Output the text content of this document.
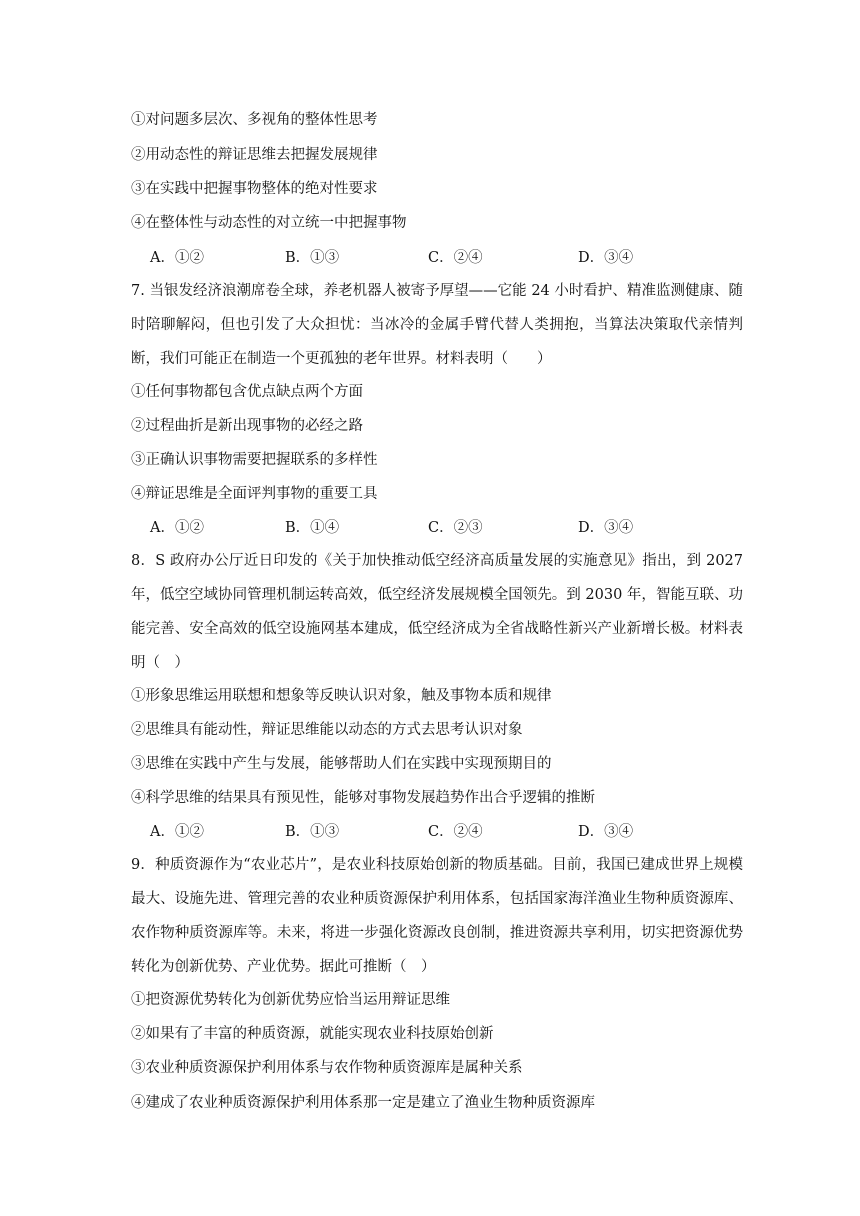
①对问题多层次、多视角的整体性思考
②用动态性的辩证思维去把握发展规律
③在实践中把握事物整体的绝对性要求
④在整体性与动态性的对立统一中把握事物
A．①②	B．①③	C．②④	D．③④
7. 当银发经济浪潮席卷全球，养老机器人被寄予厚望——它能 24 小时看护、精准监测健康、随时陪聊解闷，但也引发了大众担忧：当冰冷的金属手臂代替人类拥抱，当算法决策取代亲情判断，我们可能正在制造一个更孤独的老年世界。材料表明（　　）
①任何事物都包含优点缺点两个方面
②过程曲折是新出现事物的必经之路
③正确认识事物需要把握联系的多样性
④辩证思维是全面评判事物的重要工具
A．①②	B．①④	C．②③	D．③④
8．S 政府办公厅近日印发的《关于加快推动低空经济高质量发展的实施意见》指出，到 2027 年，低空空域协同管理机制运转高效，低空经济发展规模全国领先。到 2030 年，智能互联、功能完善、安全高效的低空设施网基本建成，低空经济成为全省战略性新兴产业新增长极。材料表明（　）
①形象思维运用联想和想象等反映认识对象，触及事物本质和规律
②思维具有能动性，辩证思维能以动态的方式去思考认识对象
③思维在实践中产生与发展，能够帮助人们在实践中实现预期目的
④科学思维的结果具有预见性，能够对事物发展趋势作出合乎逻辑的推断
A．①②	B．①③	C．②④	D．③④
9．种质资源作为“农业芯片”，是农业科技原始创新的物质基础。目前，我国已建成世界上规模最大、设施先进、管理完善的农业种质资源保护利用体系，包括国家海洋渔业生物种质资源库、农作物种质资源库等。未来，将进一步强化资源改良创制，推进资源共享利用，切实把资源优势转化为创新优势、产业优势。据此可推断（　）
①把资源优势转化为创新优势应恰当运用辩证思维
②如果有了丰富的种质资源，就能实现农业科技原始创新
③农业种质资源保护利用体系与农作物种质资源库是属种关系
④建成了农业种质资源保护利用体系那一定是建立了渔业生物种质资源库
